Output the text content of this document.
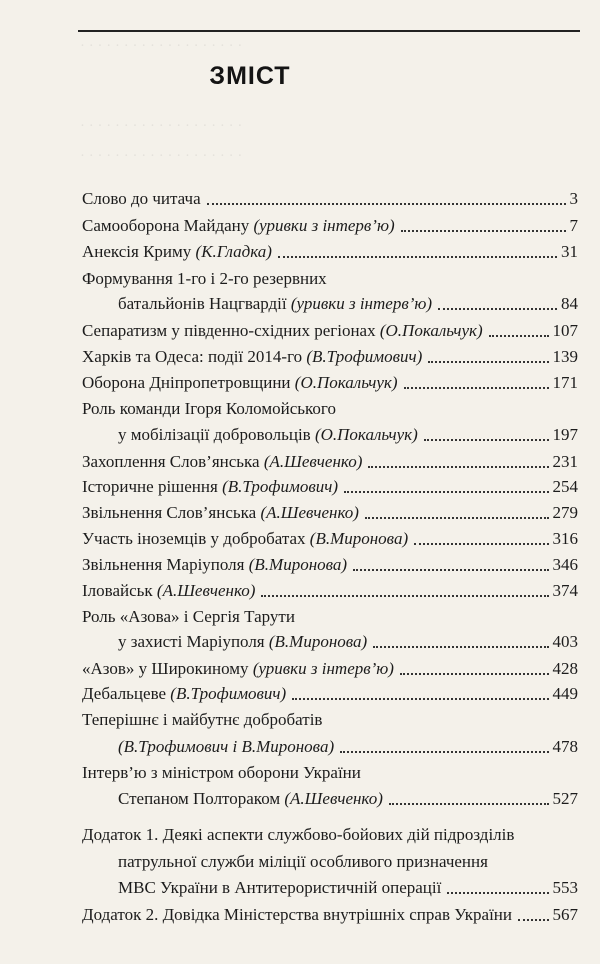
· · · · · · · · · · · · · · · · · · ·
· · · · · · · · · · · · · · · · · · ·
· · · · · · · · · · · · · · · · · · ·
ЗМІСТ
Слово до читача	3
Самооборона Майдану (уривки з інтерв’ю)	7
Анексія Криму (К.Гладка)	31
Формування 1-го і 2-го резервних
батальйонів Нацгвардії (уривки з інтерв’ю)	84
Сепаратизм у південно-східних регіонах (О.Покальчук)	107
Харків та Одеса: події 2014-го (В.Трофимович)	139
Оборона Дніпропетровщини (О.Покальчук)	171
Роль команди Ігоря Коломойського
у мобілізації добровольців (О.Покальчук)	197
Захоплення Слов’янська (А.Шевченко)	231
Історичне рішення (В.Трофимович)	254
Звільнення Слов’янська (А.Шевченко)	279
Участь іноземців у добробатах (В.Миронова)	316
Звільнення Маріуполя (В.Миронова)	346
Іловайськ (А.Шевченко)	374
Роль «Азова» і Сергія Тарути
у захисті Маріуполя (В.Миронова)	403
«Азов» у Широкиному (уривки з інтерв’ю)	428
Дебальцеве (В.Трофимович)	449
Теперішнє і майбутнє добробатів
(В.Трофимович і В.Миронова)	478
Інтерв’ю з міністром оборони України
Степаном Полтораком (А.Шевченко)	527
Додаток 1. Деякі аспекти службово-бойових дій підрозділів
патрульної служби міліції особливого призначення
МВС України в Антитерористичній операції	553
Додаток 2. Довідка Міністерства внутрішніх справ України 567
